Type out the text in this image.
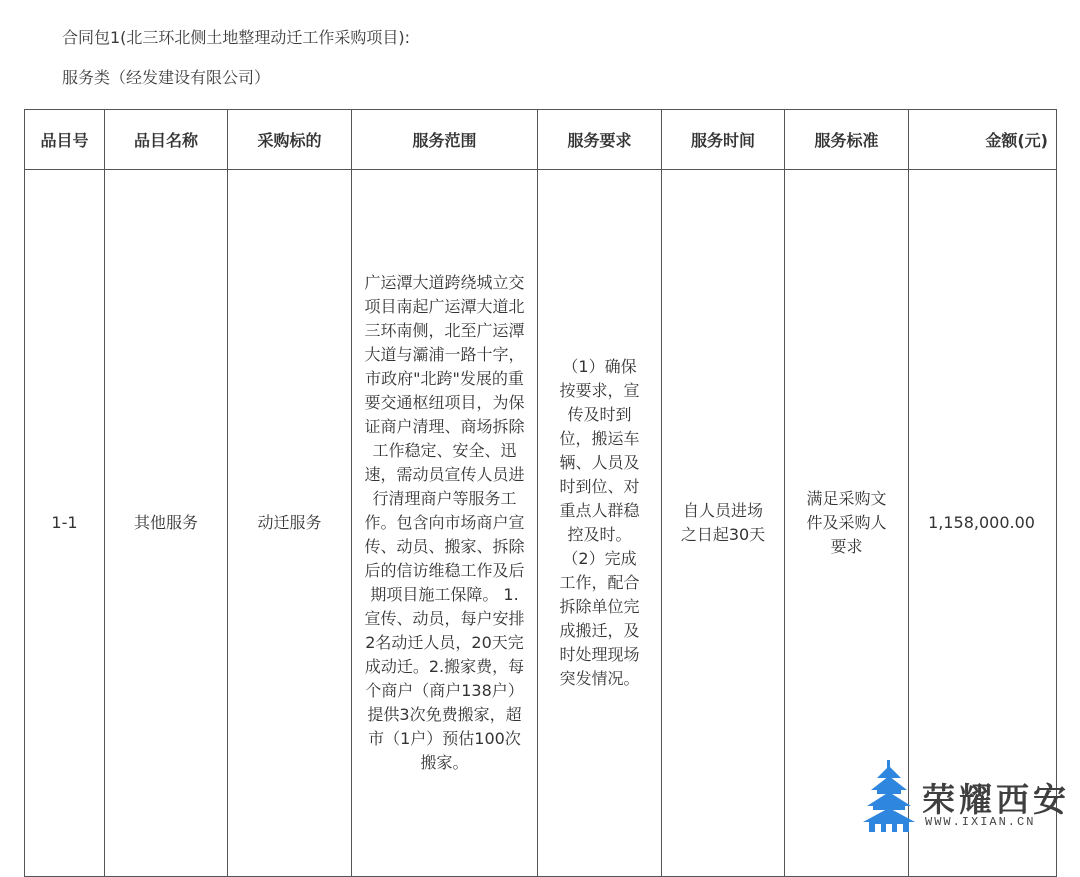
合同包1(北三环北侧土地整理动迁工作采购项目):
服务类（经发建设有限公司）
品目号	品目名称	采购标的	服务范围	服务要求	服务时间	服务标准	金额(元)
1-1	其他服务	动迁服务	广运潭大道跨绕城立交项目南起广运潭大道北三环南侧，北至广运潭大道与灞浦一路十字，市政府"北跨"发展的重要交通枢纽项目，为保证商户清理、商场拆除工作稳定、安全、迅速，需动员宣传人员进行清理商户等服务工作。包含向市场商户宣传、动员、搬家、拆除后的信访维稳工作及后期项目施工保障。 1.宣传、动员，每户安排2名动迁人员，20天完成动迁。2.搬家费，每个商户（商户138户）提供3次免费搬家，超市（1户）预估100次搬家。	（1）确保按要求，宣传及时到位，搬运车辆、人员及时到位、对重点人群稳控及时。（2）完成工作，配合拆除单位完成搬迁，及时处理现场突发情况。	自人员进场之日起30天	满足采购文件及采购人要求	1,158,000.00
荣耀西安
WWW.IXIAN.CN
